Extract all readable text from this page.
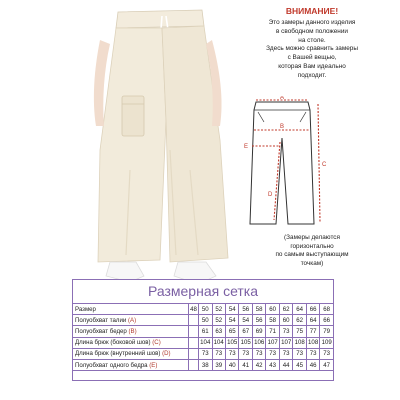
ВНИМАНИЕ!
Это замеры данного изделия
в свободном положении
на столе.
Здесь можно сравнить замеры
с Вашей вещью,
которая Вам идеально
подходит.
A
B
C
D
E
(Замеры делаются
горизонтально
по самым выступающим
точкам)
Размерная сетка
Размер	48	50	52	54	56	58	60	62	64	66	68
Полуобхват талии (A)		50	52	54	54	56	58	60	62	64	66
Полуобхват бедер (B)		61	63	65	67	69	71	73	75	77	79
Длина брюк (боковой шов) (C)		104	104	105	105	106	107	107	108	108	109
Длина брюк (внутренний шов) (D)		73	73	73	73	73	73	73	73	73	73
Полуобхват одного бедра (E)		38	39	40	41	42	43	44	45	46	47
